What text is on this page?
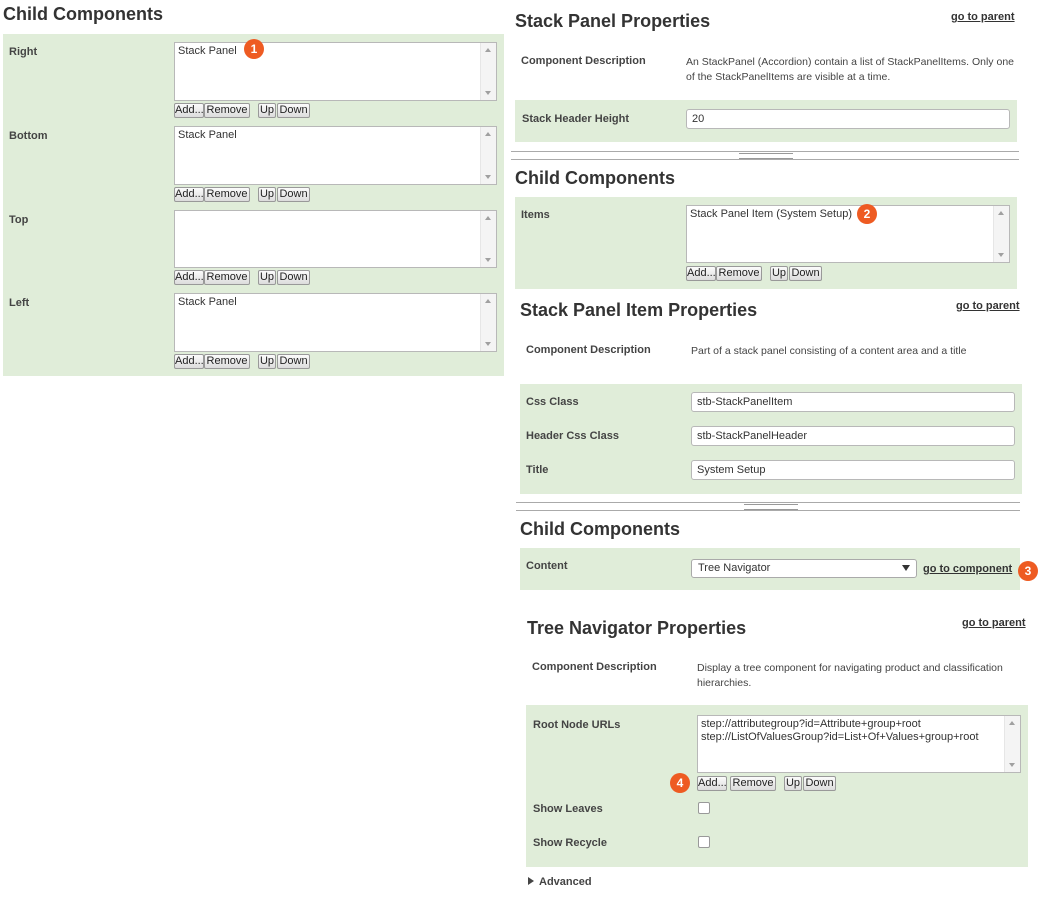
Child Components
Right	Stack Panel	1
Add... Remove Up Down
Bottom	Stack Panel
Add... Remove Up Down
Top
Add... Remove Up Down
Left	Stack Panel
Add... Remove Up Down
Stack Panel Properties	go to parent
Component Description	An StackPanel (Accordion) contain a list of StackPanelItems. Only one of the StackPanelItems are visible at a time.
Stack Header Height	20
Child Components
Items	Stack Panel Item (System Setup) 2
Add... Remove Up Down
Stack Panel Item Properties	go to parent
Component Description	Part of a stack panel consisting of a content area and a title
Css Class	stb-StackPanelItem
Header Css Class	stb-StackPanelHeader
Title	System Setup
Child Components
Content	Tree Navigator	go to component	3
Tree Navigator Properties	go to parent
Component Description	Display a tree component for navigating product and classification hierarchies.
Root Node URLs	step://attributegroup?id=Attribute+group+root
step://ListOfValuesGroup?id=List+Of+Values+group+root
4	Add... Remove Up Down
Show Leaves
Show Recycle
Advanced
